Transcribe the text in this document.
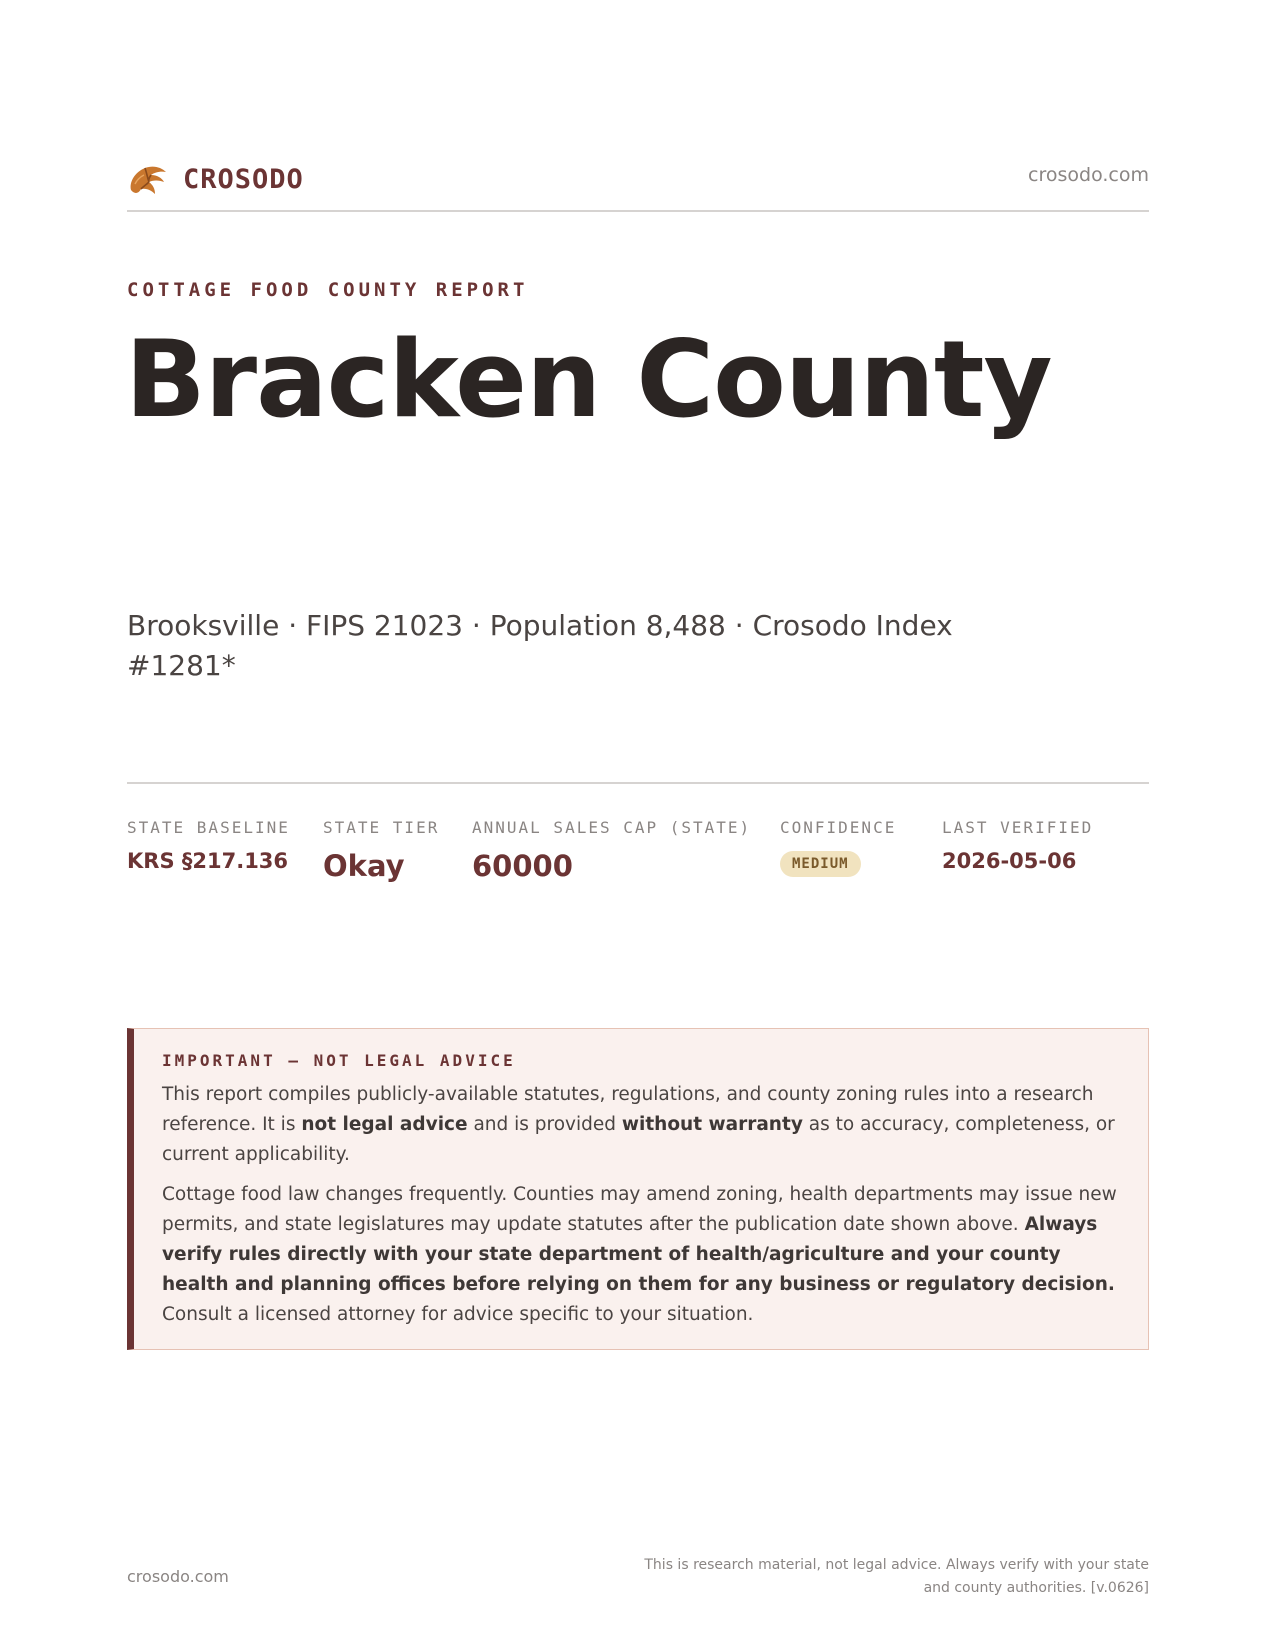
CROSODO	crosodo.com
COTTAGE FOOD COUNTY REPORT
Bracken County
Brooksville · FIPS 21023 · Population 8,488 · Crosodo Index #1281*
STATE BASELINE
KRS §217.136
STATE TIER
Okay
ANNUAL SALES CAP (STATE)
60000
CONFIDENCE
MEDIUM
LAST VERIFIED
2026-05-06
IMPORTANT — NOT LEGAL ADVICE

This report compiles publicly-available statutes, regulations, and county zoning rules into a research reference. It is not legal advice and is provided without warranty as to accuracy, completeness, or current applicability.

Cottage food law changes frequently. Counties may amend zoning, health departments may issue new permits, and state legislatures may update statutes after the publication date shown above. Always verify rules directly with your state department of health/agriculture and your county health and planning offices before relying on them for any business or regulatory decision. Consult a licensed attorney for advice specific to your situation.

crosodo.com
This is research material, not legal advice. Always verify with your state and county authorities. [v.0626]
